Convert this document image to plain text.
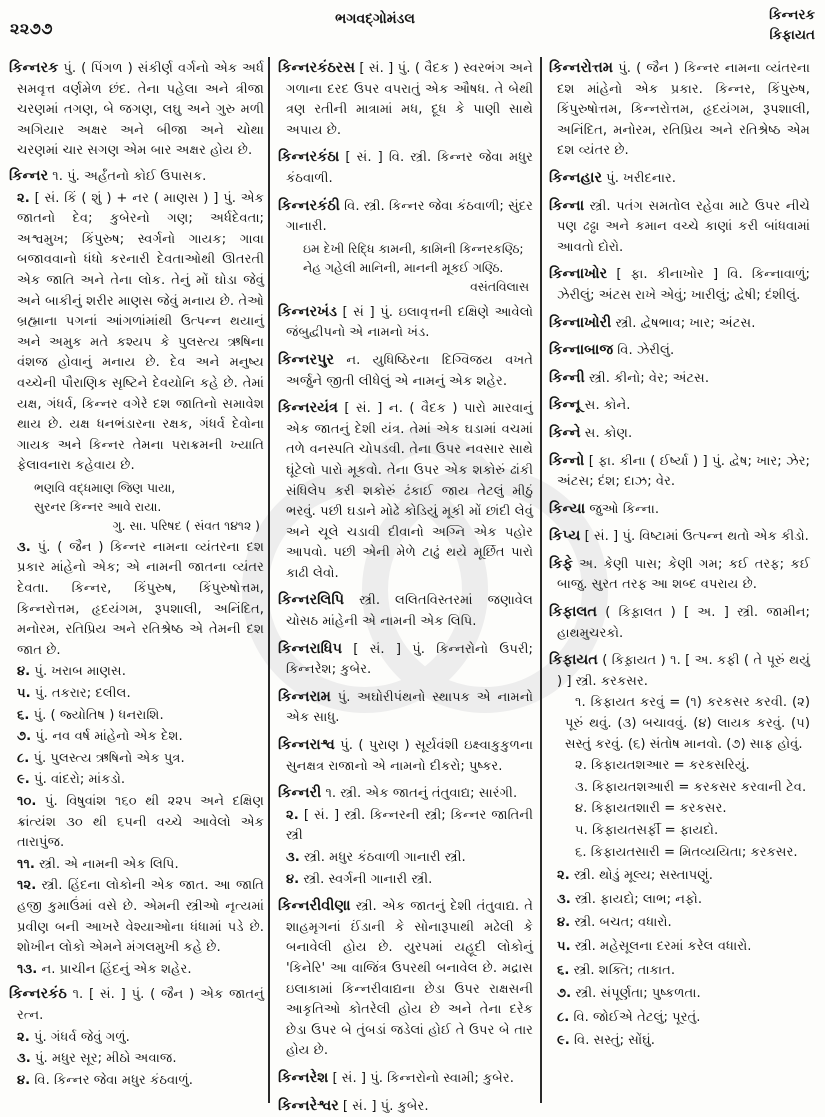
૨૨૭૭	ભગવદ્ગોમંડલ	કિન્નરક
કિફાયત

કિન્નરક પું. ( પિંગળ ) સંકીર્ણ વર્ગનો એક અર્ધ સમવૃત્ત વર્ણમેળ છંદ. તેના પહેલા અને ત્રીજા ચરણમાં તગણ, બે જગણ, લઘુ અને ગુરુ મળી અગિયાર અક્ષર અને બીજા અને ચોથા ચરણમાં ચાર સગણ એમ બાર અક્ષર હોય છે.

કિન્નર ૧. પું. અર્હંતનો કોઈ ઉપાસક.

૨. [ સં. કિં ( શું ) + નર ( માણસ ) ] પું. એક જાતનો દેવ; કુબેરનો ગણ; અર્ધદેવતા; અશ્વમુખ; કિંપુરુષ; સ્વર્ગનો ગાયક; ગાવા બજાવવાનો ધંધો કરનારી દેવતાઓથી ઊતરતી એક જાતિ અને તેના લોક. તેનું મોં ઘોડા જેવું અને બાકીનું શરીર માણસ જેવું મનાય છે. તેઓ બ્રહ્માના પગનાં આંગળાંમાંથી ઉત્પન્ન થયાનું અને અમુક મતે કશ્યપ કે પુલસ્ત્ય ઋષિના વંશજ હોવાનું મનાય છે. દેવ અને મનુષ્ય વચ્ચેની પૌરાણિક સૃષ્ટિને દેવયોનિ કહે છે. તેમાં યક્ષ, ગંધર્વ, કિન્નર વગેરે દશ જાતિનો સમાવેશ થાય છે. યક્ષ ધનભંડારના રક્ષક, ગંધર્વ દેવોના ગાયક અને કિન્નર તેમના પરાક્રમની ખ્યાતિ ફેલાવનારા કહેવાય છે.

ભણવિ વદ્ધમાણ જિણ પાયા,
સુરનર કિન્નર આવે રાયા.
ગુ. સા. પરિષદ ( સંવત ૧૪૧૨ )

૩. પું. ( જૈન ) કિન્નર નામના વ્યંતરના દશ પ્રકાર માંહેનો એક; એ નામની જાતના વ્યંતર દેવતા. કિન્નર, કિંપુરુષ, કિંપુરુષોત્તમ, કિન્નરોત્તમ, હૃદયંગમ, રૂપશાલી, અનિંદિત, મનોરમ, રતિપ્રિય અને રતિશ્રેષ્ઠ એ તેમની દશ જાત છે.

૪. પું. ખરાબ માણસ.

૫. પું. તકરાર; દલીલ.

૬. પું. ( જ્યોતિષ ) ધનરાશિ.

૭. પું. નવ વર્ષ માંહેનો એક દેશ.

૮. પું. પુલસ્ત્ય ઋષિનો એક પુત્ર.

૯. પું. વાંદરો; માંકડો.

૧૦. પું. વિષુવાંશ ૧૬૦ થી ૨૨૫ અને દક્ષિણ ક્રાંત્યંશ ૩૦ થી ૬૫ની વચ્ચે આવેલો એક તારાપુંજ.

૧૧. સ્ત્રી. એ નામની એક લિપિ.

૧૨. સ્ત્રી. હિંદના લોકોની એક જાત. આ જાતિ હજી કુમાઉંમાં વસે છે. એમની સ્ત્રીઓ નૃત્યમાં પ્રવીણ બની આખરે વેશ્યાઓના ધંધામાં પડે છે. શોખીન લોકો એમને મંગલમુખી કહે છે.

૧૩. ન. પ્રાચીન હિંદનું એક શહેર.

કિન્નરકંઠ ૧. [ સં. ] પું. ( જૈન ) એક જાતનું રત્ન.

૨. પું. ગંધર્વ જેવું ગળું.

૩. પું. મધુર સૂર; મીઠો અવાજ.

૪. વિ. કિન્નર જેવા મધુર કંઠવાળું.

કિન્નરકંઠરસ [ સં. ] પું. ( વૈદક ) સ્વરભંગ અને ગળાના દરદ ઉપર વપરાતું એક ઔષધ. તે બેથી ત્રણ રતીની માત્રામાં મધ, દૂધ કે પાણી સાથે અપાય છે.

કિન્નરકંઠા [ સં. ] વિ. સ્ત્રી. કિન્નર જેવા મધુર કંઠવાળી.

કિન્નરકંઠી વિ. સ્ત્રી. કિન્નર જેવા કંઠવાળી; સુંદર ગાનારી.

ઇમ દેખી રિદ્ધિ કામની, કામિની કિન્નરકણ્ઠિ;
નેહ ગહેલી માનિની, માનની મૂકઈ ગણ્ઠિ.
વસંતવિલાસ

કિન્નરખંડ [ સં ] પું. ઇલાવૃત્તની દક્ષિણે આવેલો જંબુદ્વીપનો એ નામનો ખંડ.

કિન્નરપુર ન. યુધિષ્ઠિરના દિગ્વિજય વખતે અર્જુને જીતી લીધેલું એ નામનું એક શહેર.

કિન્નરયંત્ર [ સં. ] ન. ( વૈદક ) પારો મારવાનું એક જાતનું દેશી યંત્ર. તેમાં એક ઘડામાં વચમાં તળે વનસ્પતિ ચોપડવી. તેના ઉપર નવસાર સાથે ઘૂંટેલો પારો મૂકવો. તેના ઉપર એક શકોરું ઢાંકી સંધિલેપ કરી શકોરું ઢંકાઈ જાય તેટલું મીઠું ભરવું. પછી ઘડાને મોઢે કોડિયું મૂકી મોં છાંદી લેવું અને ચૂલે ચડાવી દીવાનો અગ્નિ એક પહોર આપવો. પછી એની મેળે ટાઢું થયે મૂર્છિત પારો કાઢી લેવો.

કિન્નરલિપિ સ્ત્રી. લલિતવિસ્તરમાં જણાવેલ ચોસઠ માંહેની એ નામની એક લિપિ.

કિન્નરાધિપ [ સં. ] પું. કિન્નરોનો ઉપરી; કિન્નરેશ; કુબેર.

કિન્નરામ પું. અઘોરીપંથનો સ્થાપક એ નામનો એક સાધુ.

કિન્નરાશ્વ પું. ( પુરાણ ) સૂર્યવંશી ઇક્ષ્વાકુકુળના સુનક્ષત્ર રાજાનો એ નામનો દીકરો; પુષ્કર.

કિન્નરી ૧. સ્ત્રી. એક જાતનું તંતુવાદ્ય; સારંગી.

૨. [ સં. ] સ્ત્રી. કિન્નરની સ્ત્રી; કિન્નર જાતિની સ્ત્રી

૩. સ્ત્રી. મધુર કંઠવાળી ગાનારી સ્ત્રી.

૪. સ્ત્રી. સ્વર્ગની ગાનારી સ્ત્રી.

કિન્નરીવીણા સ્ત્રી. એક જાતનું દેશી તંતુવાદ્ય. તે શાહમૃગનાં ઈંડાની કે સોનારૂપાથી મઢેલી કે બનાવેલી હોય છે. યુરપમાં યહૂદી લોકોનું 'કિનેરિ' આ વાજિંત્ર ઉપરથી બનાવેલ છે. મદ્રાસ ઇલાકામાં કિન્નરીવાદ્યના છેડા ઉપર રાક્ષસની આકૃતિઓ કોતરેલી હોય છે અને તેના દરેક છેડા ઉપર બે તુંબડાં જડેલાં હોઈ તે ઉપર બે તાર હોય છે.

કિન્નરેશ [ સં. ] પું. કિન્નરોનો સ્વામી; કુબેર.

કિન્નરેશ્વર [ સં. ] પું. કુબેર.

કિન્નરોત્તમ પું. ( જૈન ) કિન્નર નામના વ્યંતરના દશ માંહેનો એક પ્રકાર. કિન્નર, કિંપુરુષ, કિંપુરુષોત્તમ, કિન્નરોત્તમ, હૃદયંગમ, રૂપશાલી, અનિંદિત, મનોરમ, રતિપ્રિય અને રતિશ્રેષ્ઠ એમ દશ વ્યંતર છે.

કિન્નહાર પું. ખરીદનાર.

કિન્ના સ્ત્રી. પતંગ સમતોલ રહેવા માટે ઉપર નીચે પણ ઢઢ્ઢા અને કમાન વચ્ચે કાણાં કરી બાંધવામાં આવતો દોરો.

કિન્નાખોર [ ફા. કીનાખોર ] વિ. કિન્નાવાળું; ઝેરીલું; અંટસ રાખે એવું; ખારીલું; દ્વેષી; દંશીલું.

કિન્નાખોરી સ્ત્રી. દ્વેષભાવ; ખાર; અંટસ.

કિન્નાબાજ વિ. ઝેરીલું.

કિન્ની સ્ત્રી. કીનો; વેર; અંટસ.

કિન્નૂ સ. કોને.

કિન્ને સ. કોણ.

કિન્નો [ ફા. કીના ( ઈર્ષ્યા ) ] પું. દ્વેષ; ખાર; ઝેર; અંટસ; દંશ; દાઝ; વેર.

કિન્યા જુઓ કિન્ના.

કિપ્ય [ સં. ] પું. વિષ્ટામાં ઉત્પન્ન થતો એક કીડો.

કિફે અ. કેણી પાસ; કેણી ગમ; કઈ તરફ; કઈ બાજુ. સુરત તરફ આ શબ્દ વપરાય છે.

કિફાલત ( કિફ઼ાલત ) [ અ. ] સ્ત્રી. જામીન; હાથમુચરકો.

કિફાયત ( કિફ઼ાયત ) ૧. [ અ. કફી ( તે પૂરું થયું ) ] સ્ત્રી. કરકસર.

૧. કિફાયત કરવું = (૧) કરકસર કરવી. (૨) પૂરું થવું. (૩) બચાવવું. (૪) લાયક કરવું. (૫) સસ્તું કરવું. (૬) સંતોષ માનવો. (૭) સાફ હોવું.

૨. કિફાયતશઆર = કરકસરિયું.

૩. કિફાયતશઆરી = કરકસર કરવાની ટેવ.

૪. કિફાયતશારી = કરકસર.

૫. કિફાયતસર્ફી = ફાયદો.

૬. કિફાયતસારી = મિતવ્યયિતા; કરકસર.

૨. સ્ત્રી. થોડું મૂલ્ય; સસ્તાપણું.

૩. સ્ત્રી. ફાયદો; લાભ; નફો.

૪. સ્ત્રી. બચત; વધારો.

૫. સ્ત્રી. મહેસૂલના દરમાં કરેલ વધારો.

૬. સ્ત્રી. શક્તિ; તાકાત.

૭. સ્ત્રી. સંપૂર્ણતા; પુષ્કળતા.

૮. વિ. જોઈએ તેટલું; પૂરતું.

૯. વિ. સસ્તું; સોંઘું.
